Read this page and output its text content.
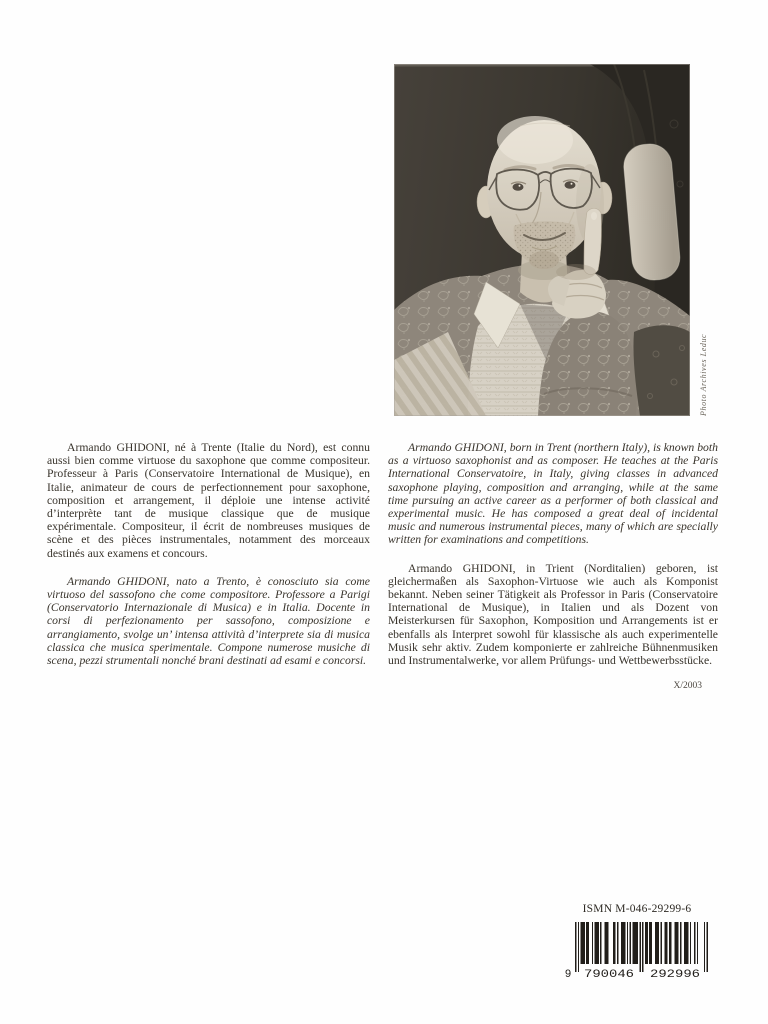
Photo Archives Leduc

Armando GHIDONI, né à Trente (Italie du Nord), est connu aussi bien comme virtuose du saxophone que comme compositeur. Professeur à Paris (Conservatoire International de Musique), en Italie, animateur de cours de perfectionnement pour saxophone, composition et arrangement, il déploie une intense activité d’interprète tant de musique classique que de musique expérimentale. Compositeur, il écrit de nombreuses musiques de scène et des pièces instrumentales, notamment des morceaux destinés aux examens et concours.

Armando GHIDONI, nato a Trento, è conosciuto sia come virtuoso del sassofono che come compositore. Professore a Parigi (Conservatorio Internazionale di Musica) e in Italia. Docente in corsi di perfezionamento per sassofono, composizione e arrangiamento, svolge un’ intensa attività d’interprete sia di musica classica che musica sperimentale. Compone numerose musiche di scena, pezzi strumentali nonché brani destinati ad esami e concorsi.

Armando GHIDONI, born in Trent (northern Italy), is known both as a virtuoso saxophonist and as composer. He teaches at the Paris International Conservatoire, in Italy, giving classes in advanced saxophone playing, composition and arranging, while at the same time pursuing an active career as a performer of both classical and experimental music. He has composed a great deal of incidental music and numerous instrumental pieces, many of which are specially written for examinations and competitions.

Armando GHIDONI, in Trient (Norditalien) geboren, ist gleichermaßen als Saxophon-Virtuose wie auch als Komponist bekannt. Neben seiner Tätigkeit als Professor in Paris (Conservatoire International de Musique), in Italien und als Dozent von Meisterkursen für Saxophon, Komposition und Arrangements ist er ebenfalls als Interpret sowohl für klassische als auch experimentelle Musik sehr aktiv. Zudem komponierte er zahlreiche Bühnenmusiken und Instrumentalwerke, vor allem Prüfungs- und Wettbewerbsstücke.

X/2003
ISMN M-046-29299-6
9 790046 292996
